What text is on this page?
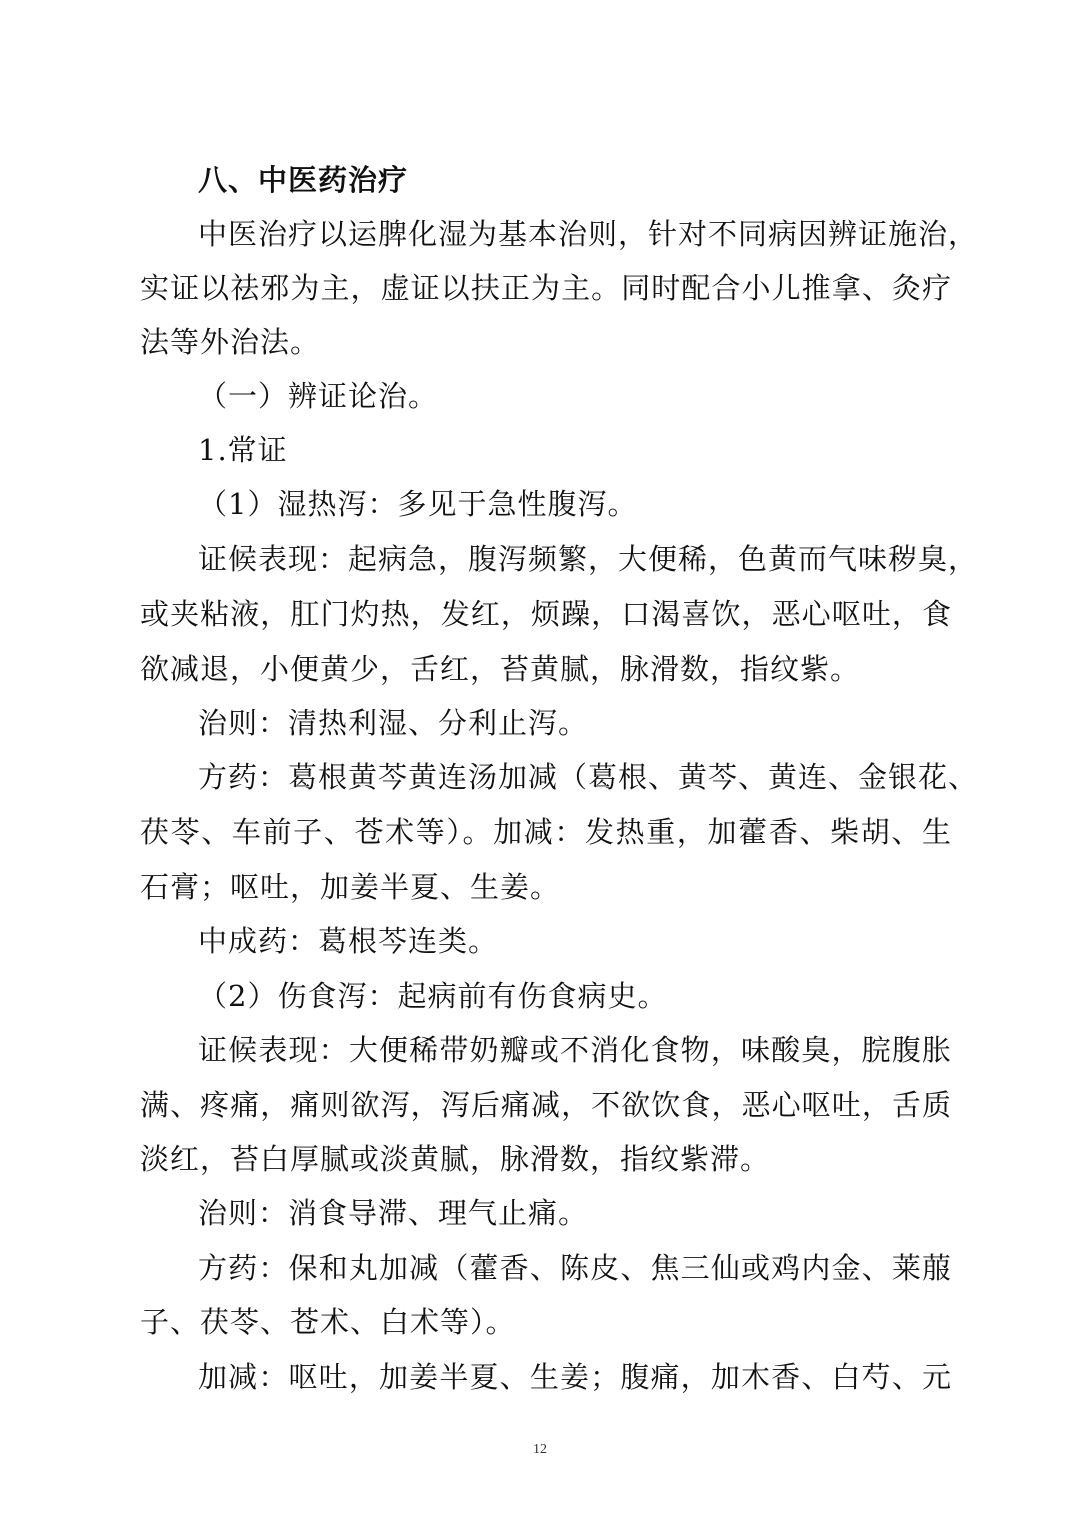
八、中医药治疗
中医治疗以运脾化湿为基本治则，针对不同病因辨证施治，
实证以祛邪为主，虚证以扶正为主。同时配合小儿推拿、灸疗
法等外治法。
（一）辨证论治。
1.常证
（1）湿热泻：多见于急性腹泻。
证候表现：起病急，腹泻频繁，大便稀，色黄而气味秽臭，
或夹粘液，肛门灼热，发红，烦躁，口渴喜饮，恶心呕吐，食
欲减退，小便黄少，舌红，苔黄腻，脉滑数，指纹紫。
治则：清热利湿、分利止泻。
方药：葛根黄芩黄连汤加减（葛根、黄芩、黄连、金银花、
茯苓、车前子、苍术等）。加减：发热重，加藿香、柴胡、生
石膏；呕吐，加姜半夏、生姜。
中成药：葛根芩连类。
（2）伤食泻：起病前有伤食病史。
证候表现：大便稀带奶瓣或不消化食物，味酸臭，脘腹胀
满、疼痛，痛则欲泻，泻后痛减，不欲饮食，恶心呕吐，舌质
淡红，苔白厚腻或淡黄腻，脉滑数，指纹紫滞。
治则：消食导滞、理气止痛。
方药：保和丸加减（藿香、陈皮、焦三仙或鸡内金、莱菔
子、茯苓、苍术、白术等）。
加减：呕吐，加姜半夏、生姜；腹痛，加木香、白芍、元
12
